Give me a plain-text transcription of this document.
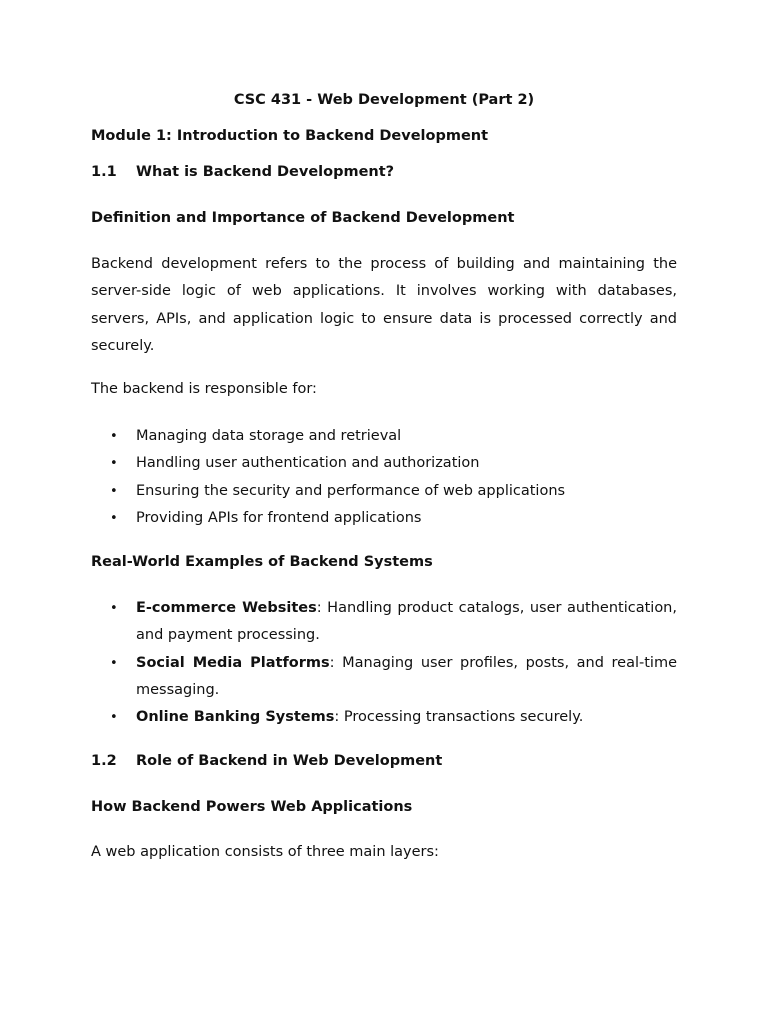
CSC 431 - Web Development (Part 2)

Module 1: Introduction to Backend Development

1.1 What is Backend Development?

Definition and Importance of Backend Development

Backend development refers to the process of building and maintaining the server-side logic of web applications. It involves working with databases, servers, APIs, and application logic to ensure data is processed correctly and securely.

The backend is responsible for:

• Managing data storage and retrieval
• Handling user authentication and authorization
• Ensuring the security and performance of web applications
• Providing APIs for frontend applications

Real-World Examples of Backend Systems

• E-commerce Websites: Handling product catalogs, user authentication, and payment processing.
• Social Media Platforms: Managing user profiles, posts, and real-time messaging.
• Online Banking Systems: Processing transactions securely.

1.2 Role of Backend in Web Development

How Backend Powers Web Applications

A web application consists of three main layers:
